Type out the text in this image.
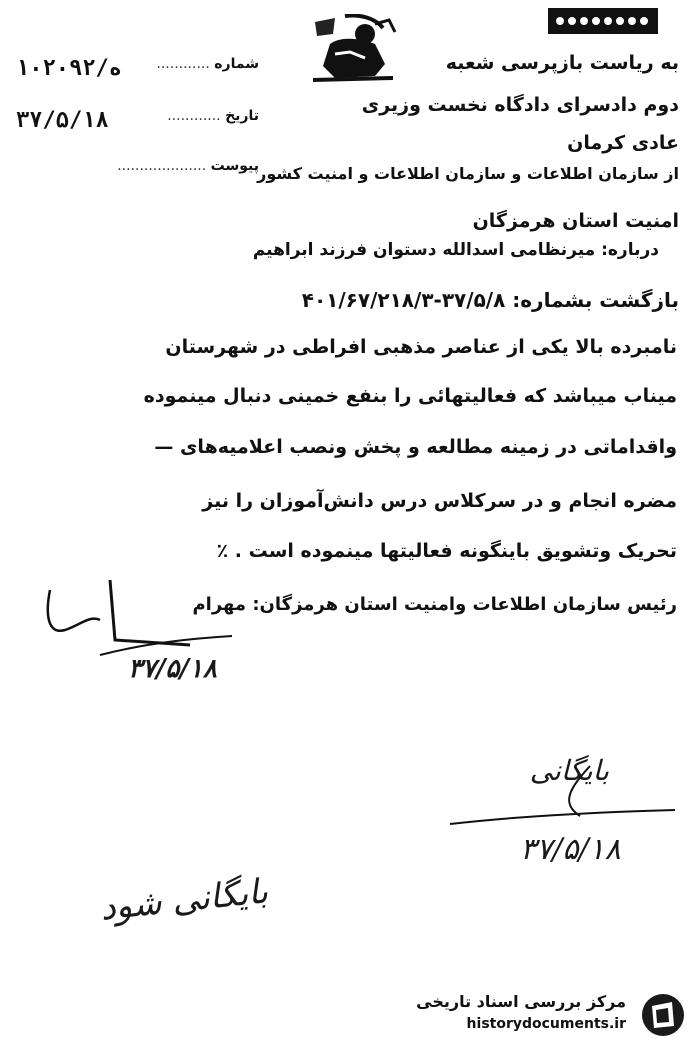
شماره ............
۱ه/۰۲۰۹۲
تاریخ ............
۳۷/۵/۱۸
پیوست ....................
به ریاست بازپرسی شعبه
دوم دادسرای دادگاه نخست وزیری
عادی کرمان
از سازمان اطلاعات و سازمان اطلاعات و امنیت کشور
امنیت استان هرمزگان
درباره: میرنظامی اسدالله دستوان فرزند ابراهیم
بازگشت بشماره: ۳۷/۵/۸-۴۰۱/۶۷/۲۱۸/۳
نامبرده بالا یکی از عناصر مذهبی افراطی در شهرستان
میناب میباشد که فعالیتهائی را بنفع خمینی دنبال مینموده
واقداماتی در زمینه مطالعه و پخش ونصب اعلامیه‌های —
مضره انجام و در سرکلاس درس دانش‌آموزان را نیز
تحریک وتشویق باینگونه فعالیتها مینموده است . ٪
رئیس سازمان اطلاعات وامنیت استان هرمزگان: مهرام
۳۷/۵/۱۸
بایگانی
۳۷/۵/۱۸
بایگانی شود
مرکز بررسی اسناد تاریخی
historydocuments.ir
